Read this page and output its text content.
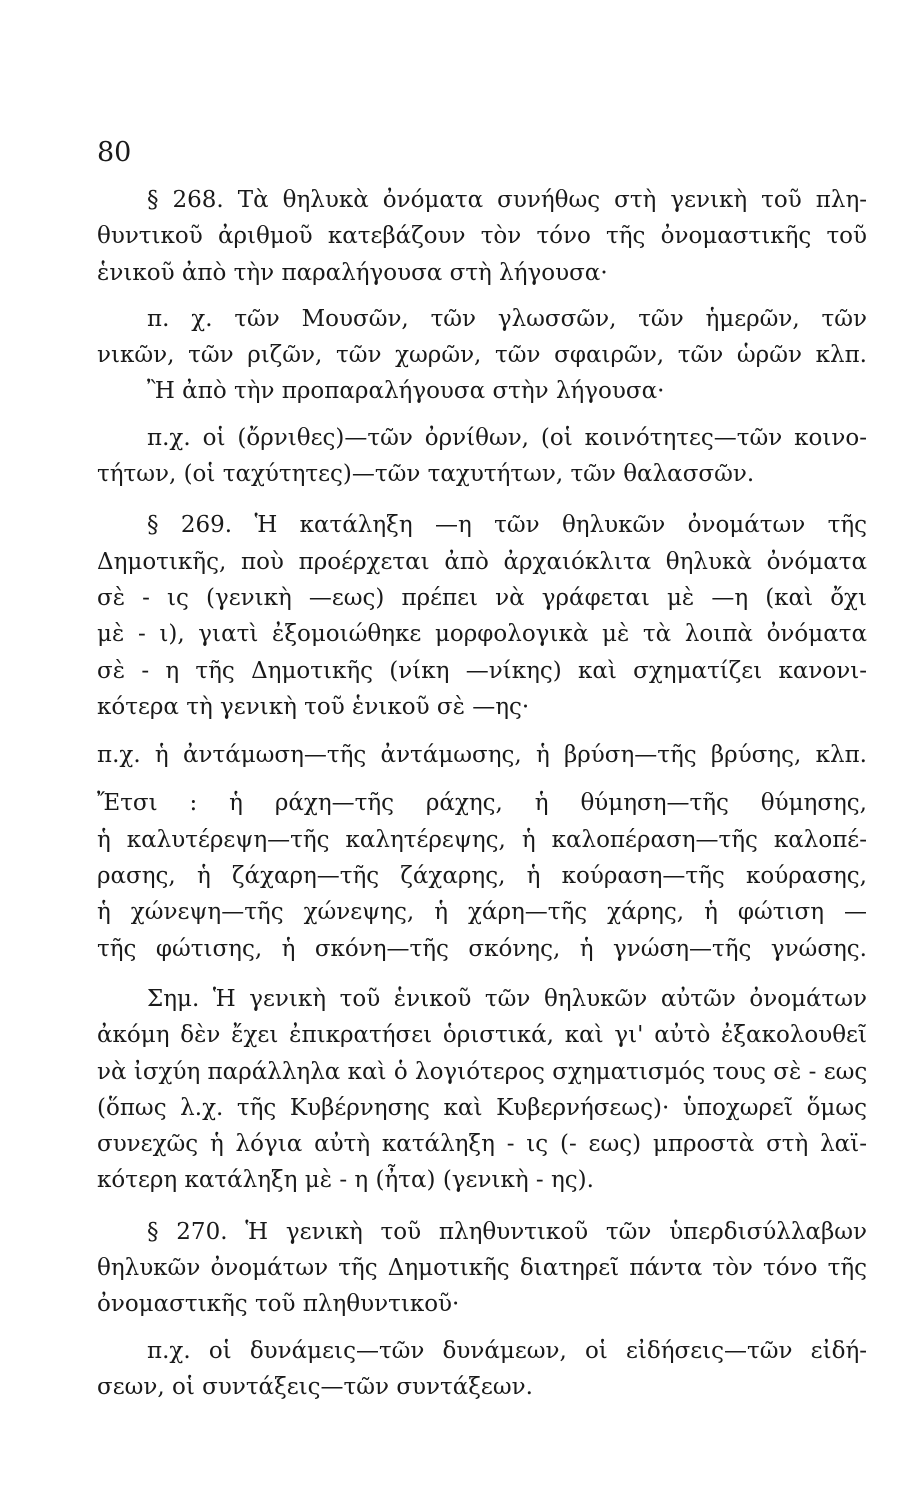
80
§ 268. Τὰ θηλυκὰ ὀνόματα συνήθως στὴ γενικὴ τοῦ πλη-
θυντικοῦ ἀριθμοῦ κατεβάζουν τὸν τόνο τῆς ὀνομαστικῆς τοῦ
ἑνικοῦ ἀπὸ τὴν παραλήγουσα στὴ λήγουσα·
π. χ. τῶν Μουσῶν, τῶν γλωσσῶν, τῶν ἡμερῶν, τῶν
νικῶν, τῶν ριζῶν, τῶν χωρῶν, τῶν σφαιρῶν, τῶν ὡρῶν κλπ.
Ἢ ἀπὸ τὴν προπαραλήγουσα στὴν λήγουσα·
π.χ. οἱ (ὄρνιθες)—τῶν ὀρνίθων, (οἱ κοινότητες—τῶν κοινο-
τήτων, (οἱ ταχύτητες)—τῶν ταχυτήτων, τῶν θαλασσῶν.
§ 269. Ἡ κατάληξη —η τῶν θηλυκῶν ὀνομάτων τῆς
Δημοτικῆς, ποὺ προέρχεται ἀπὸ ἀρχαιόκλιτα θηλυκὰ ὀνόματα
σὲ - ις (γενικὴ —εως) πρέπει νὰ γράφεται μὲ —η (καὶ ὄχι
μὲ - ι), γιατὶ ἐξομοιώθηκε μορφολογικὰ μὲ τὰ λοιπὰ ὀνόματα
σὲ - η τῆς Δημοτικῆς (νίκη —νίκης) καὶ σχηματίζει κανονι-
κότερα τὴ γενικὴ τοῦ ἑνικοῦ σὲ —ης·
π.χ. ἡ ἀντάμωση—τῆς ἀντάμωσης, ἡ βρύση—τῆς βρύσης, κλπ.
Ἔτσι : ἡ ράχη—τῆς ράχης, ἡ θύμηση—τῆς θύμησης,
ἡ καλυτέρεψη—τῆς καλητέρεψης, ἡ καλοπέραση—τῆς καλοπέ-
ρασης, ἡ ζάχαρη—τῆς ζάχαρης, ἡ κούραση—τῆς κούρασης,
ἡ χώνεψη—τῆς χώνεψης, ἡ χάρη—τῆς χάρης, ἡ φώτιση —
τῆς φώτισης, ἡ σκόνη—τῆς σκόνης, ἡ γνώση—τῆς γνώσης.
Σημ. Ἡ γενικὴ τοῦ ἑνικοῦ τῶν θηλυκῶν αὐτῶν ὀνομάτων
ἀκόμη δὲν ἔχει ἐπικρατήσει ὁριστικά, καὶ γι' αὐτὸ ἐξακολουθεῖ
νὰ ἰσχύη παράλληλα καὶ ὁ λογιότερος σχηματισμός τους σὲ - εως
(ὅπως λ.χ. τῆς Κυβέρνησης καὶ Κυβερνήσεως)· ὑποχωρεῖ ὅμως
συνεχῶς ἡ λόγια αὐτὴ κατάληξη - ις (- εως) μπροστὰ στὴ λαϊ-
κότερη κατάληξη μὲ - η (ἦτα) (γενικὴ - ης).
§ 270. Ἡ γενικὴ τοῦ πληθυντικοῦ τῶν ὑπερδισύλλαβων
θηλυκῶν ὀνομάτων τῆς Δημοτικῆς διατηρεῖ πάντα τὸν τόνο τῆς
ὀνομαστικῆς τοῦ πληθυντικοῦ·
π.χ. οἱ δυνάμεις—τῶν δυνάμεων, οἱ εἰδήσεις—τῶν εἰδή-
σεων, οἱ συντάξεις—τῶν συντάξεων.
